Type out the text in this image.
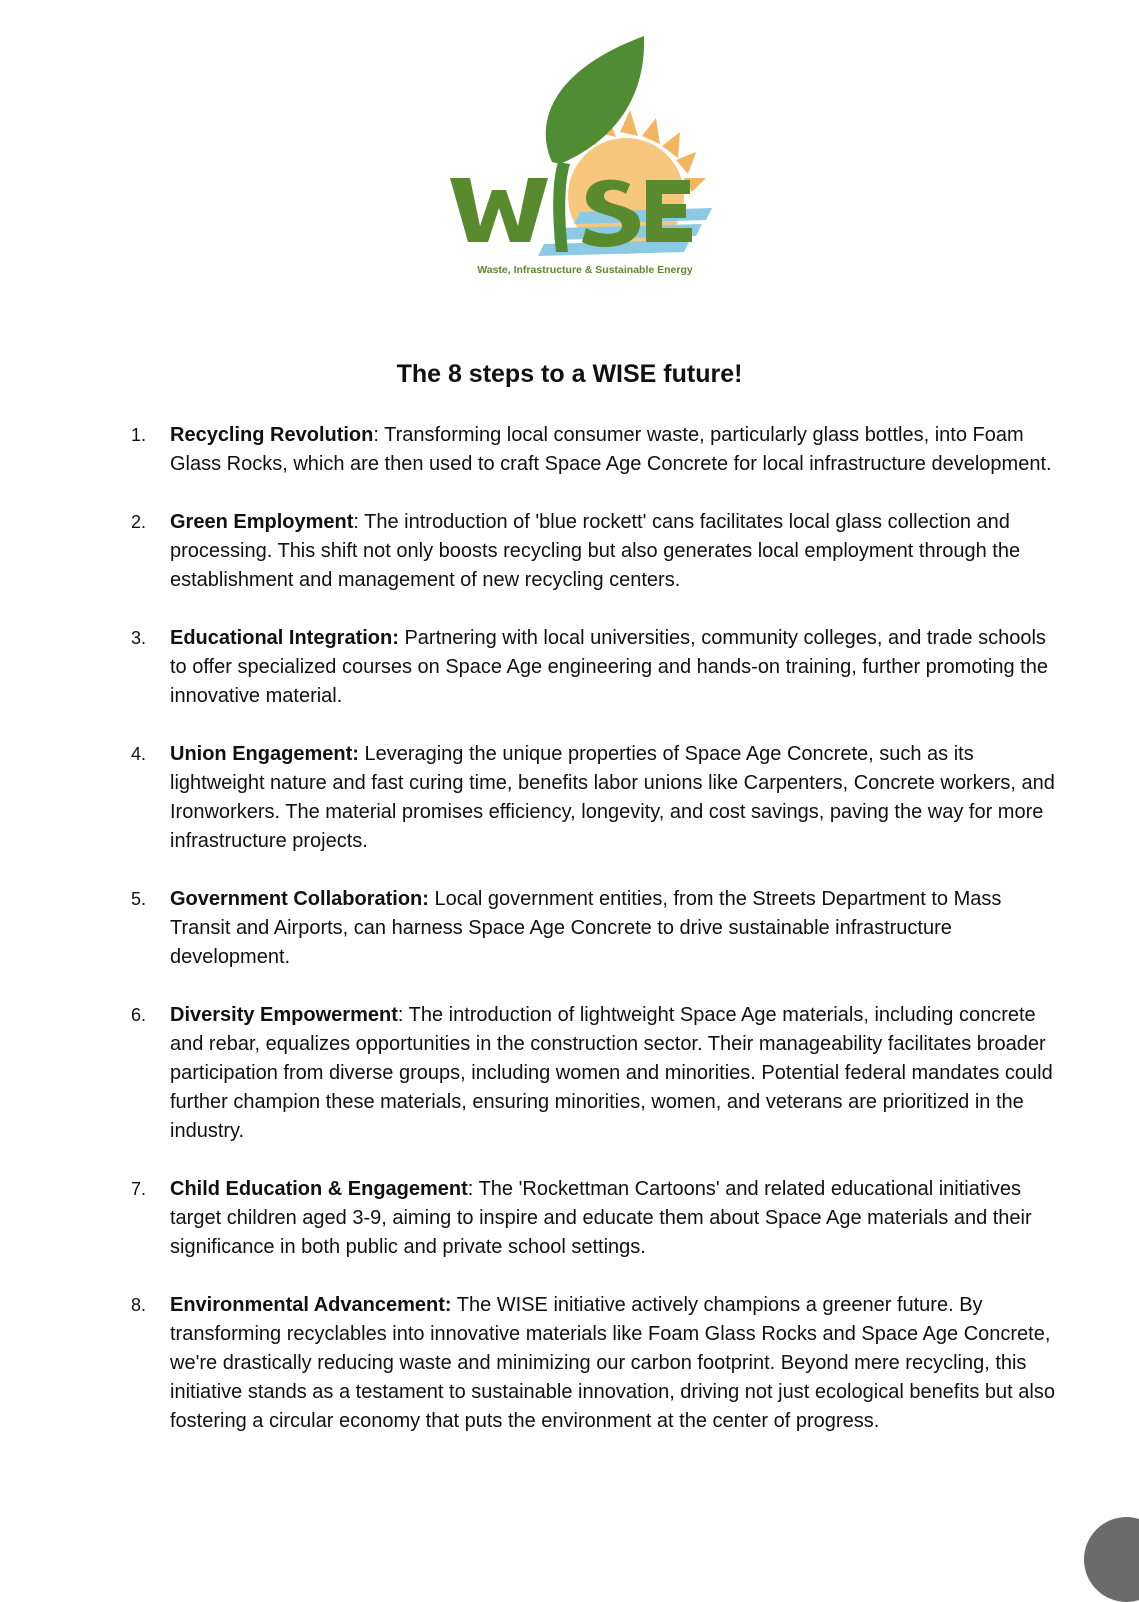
Waste, Infrastructure & Sustainable Energy
The 8 steps to a WISE future!
1. Recycling Revolution: Transforming local consumer waste, particularly glass bottles, into Foam Glass Rocks, which are then used to craft Space Age Concrete for local infrastructure development.
2. Green Employment: The introduction of 'blue rockett' cans facilitates local glass collection and processing. This shift not only boosts recycling but also generates local employment through the establishment and management of new recycling centers.
3. Educational Integration: Partnering with local universities, community colleges, and trade schools to offer specialized courses on Space Age engineering and hands-on training, further promoting the innovative material.
4. Union Engagement: Leveraging the unique properties of Space Age Concrete, such as its lightweight nature and fast curing time, benefits labor unions like Carpenters, Concrete workers, and Ironworkers. The material promises efficiency, longevity, and cost savings, paving the way for more infrastructure projects.
5. Government Collaboration: Local government entities, from the Streets Department to Mass Transit and Airports, can harness Space Age Concrete to drive sustainable infrastructure development.
6. Diversity Empowerment: The introduction of lightweight Space Age materials, including concrete and rebar, equalizes opportunities in the construction sector. Their manageability facilitates broader participation from diverse groups, including women and minorities. Potential federal mandates could further champion these materials, ensuring minorities, women, and veterans are prioritized in the industry.
7. Child Education & Engagement: The 'Rockettman Cartoons' and related educational initiatives target children aged 3-9, aiming to inspire and educate them about Space Age materials and their significance in both public and private school settings.
8. Environmental Advancement: The WISE initiative actively champions a greener future. By transforming recyclables into innovative materials like Foam Glass Rocks and Space Age Concrete, we're drastically reducing waste and minimizing our carbon footprint. Beyond mere recycling, this initiative stands as a testament to sustainable innovation, driving not just ecological benefits but also fostering a circular economy that puts the environment at the center of progress.
